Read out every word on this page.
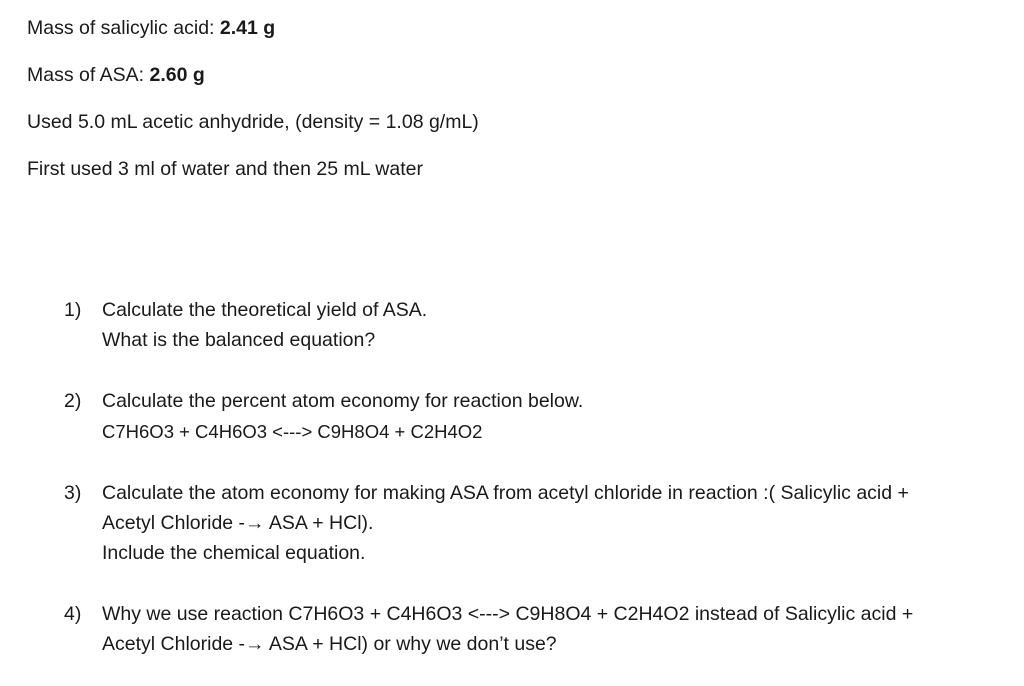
Mass of salicylic acid: 2.41 g
Mass of ASA: 2.60 g
Used 5.0 mL acetic anhydride, (density = 1.08 g/mL)
First used 3 ml of water and then 25 mL water
1) Calculate the theoretical yield of ASA.
What is the balanced equation?
2) Calculate the percent atom economy for reaction below.
C7H6O3 + C4H6O3 <---> C9H8O4 + C2H4O2
3) Calculate the atom economy for making ASA from acetyl chloride in reaction :( Salicylic acid +
Acetyl Chloride -→ ASA + HCl).
Include the chemical equation.
4) Why we use reaction C7H6O3 + C4H6O3 <---> C9H8O4 + C2H4O2 instead of Salicylic acid +
Acetyl Chloride -→ ASA + HCl) or why we don’t use?
